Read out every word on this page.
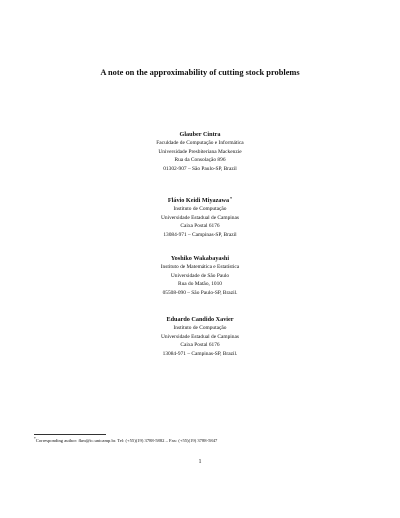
A note on the approximability of cutting stock problems
Glauber Cintra
Faculdade de Computação e Informática
Universidade Presbiteriana Mackenzie
Rua da Consolação 896
01302-907 – São Paulo-SP, Brazil
Flávio Keidi Miyazawa*
Instituto de Computação
Universidade Estadual de Campinas
Caixa Postal 6176
13084-971 – Campinas-SP, Brazil
Yoshiko Wakabayashi
Instituto de Matemática e Estatística
Universidade de São Paulo
Rua do Matão, 1010
05508-090 – São Paulo-SP, Brazil.
Eduardo Candido Xavier
Instituto de Computação
Universidade Estadual de Campinas
Caixa Postal 6176
13084-971 – Campinas-SP, Brazil.
*Corresponding author: fkm@ic.unicamp.br. Tel: (+55)(19) 3788-5882 – Fax: (+55)(19) 3788-5847
1
